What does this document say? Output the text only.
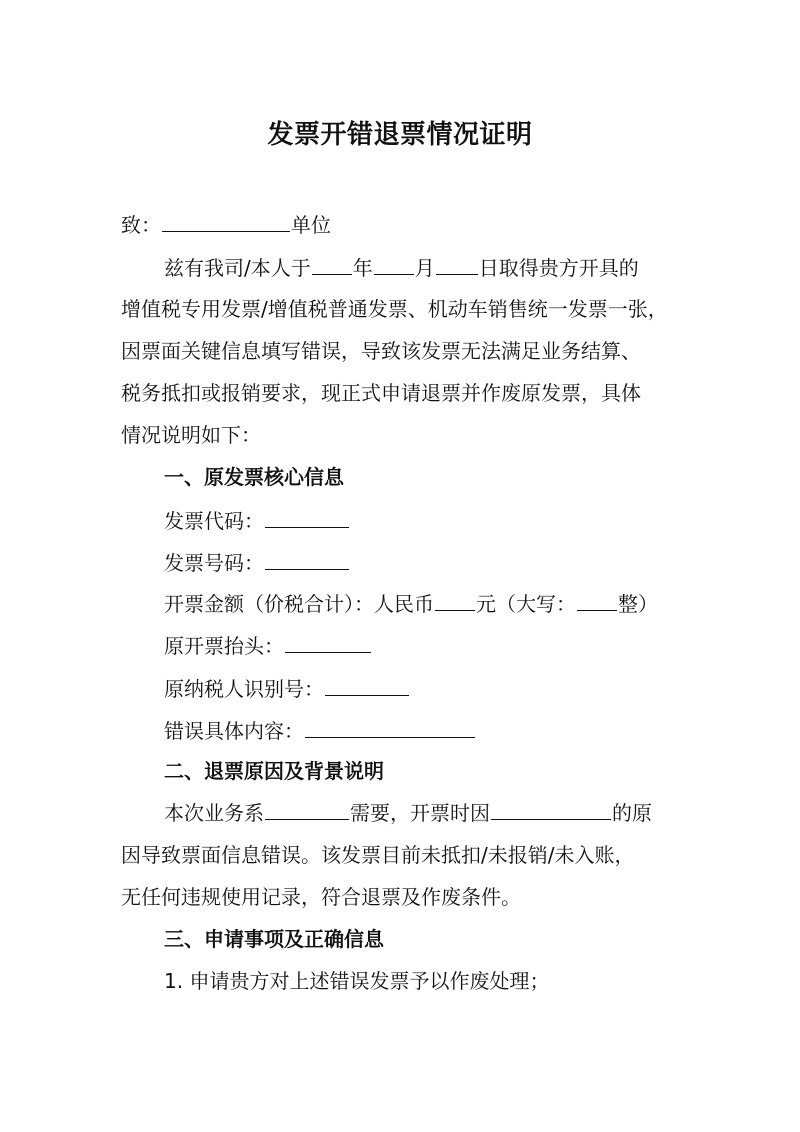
发票开错退票情况证明
致：	单位
兹有我司/本人于 年 月 日取得贵方开具的
增值税专用发票/增值税普通发票、机动车销售统一发票一张，
因票面关键信息填写错误，导致该发票无法满足业务结算、
税务抵扣或报销要求，现正式申请退票并作废原发票，具体
情况说明如下：
一、原发票核心信息
发票代码：
发票号码：
开票金额（价税合计）：人民币 元（大写： 整）
原开票抬头：
原纳税人识别号：
错误具体内容：
二、退票原因及背景说明
本次业务系	需要，开票时因	的原
因导致票面信息错误。该发票目前未抵扣/未报销/未入账，
无任何违规使用记录，符合退票及作废条件。
三、申请事项及正确信息
1. 申请贵方对上述错误发票予以作废处理；
